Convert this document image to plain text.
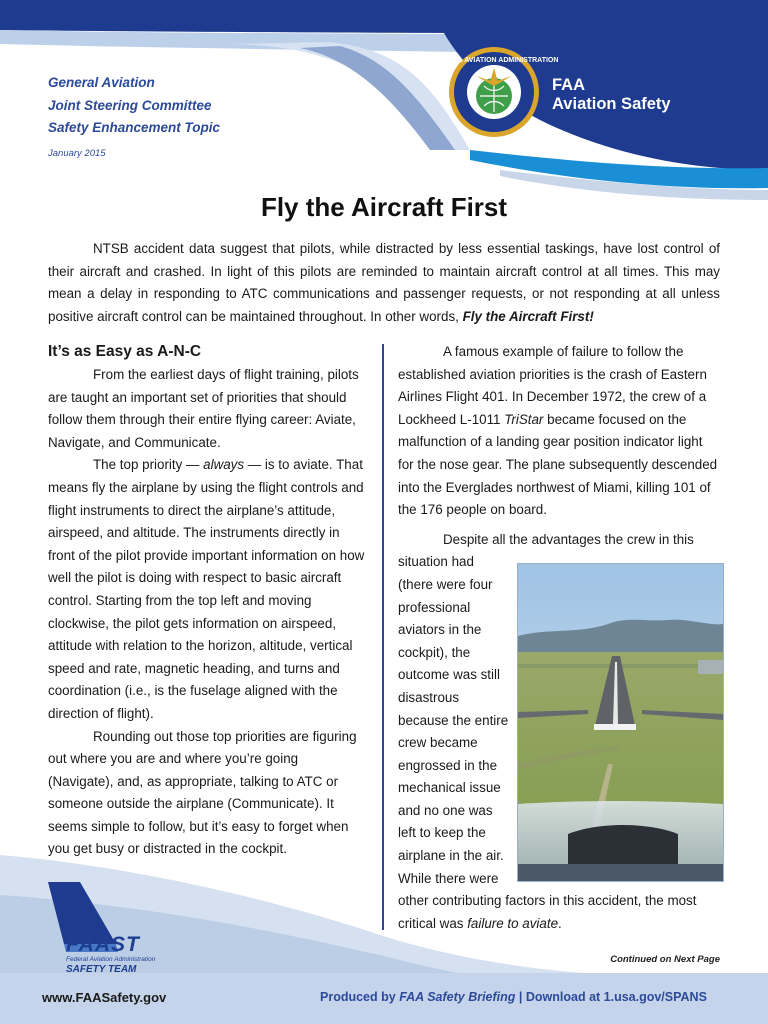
FEDERAL AVIATION ADMINISTRATION
FAA
Aviation Safety
General Aviation
Joint Steering Committee
Safety Enhancement Topic
January 2015
Fly the Aircraft First

NTSB accident data suggest that pilots, while distracted by less essential taskings, have lost control of their aircraft and crashed. In light of this pilots are reminded to maintain aircraft control at all times. This may mean a delay in responding to ATC communications and passenger requests, or not responding at all unless positive aircraft control can be maintained throughout. In other words, Fly the Aircraft First!

FAAST
Federal Aviation Administration
SAFETY TEAM
It’s as Easy as A-N-C

From the earliest days of flight training, pilots are taught an important set of priorities that should follow them through their entire flying career: Aviate, Navigate, and Communicate.

The top priority — always — is to aviate. That means fly the airplane by using the flight controls and flight instruments to direct the airplane’s attitude, airspeed, and altitude. The instruments directly in front of the pilot provide important information on how well the pilot is doing with respect to basic aircraft control. Starting from the top left and moving clockwise, the pilot gets information on airspeed, attitude with relation to the horizon, altitude, vertical speed and rate, magnetic heading, and turns and coordination (i.e., is the fuselage aligned with the direction of flight).

Rounding out those top priorities are figuring out where you are and where you’re going (Navigate), and, as appropriate, talking to ATC or someone outside the airplane (Communicate). It seems simple to follow, but it’s easy to forget when you get busy or distracted in the cockpit.

A famous example of failure to follow the established aviation priorities is the crash of Eastern Airlines Flight 401. In December 1972, the crew of a Lockheed L-1011 TriStar became focused on the malfunction of a landing gear position indicator light for the nose gear. The plane subsequently descended into the Everglades northwest of Miami, killing 101 of the 176 people on board.

Despite all the advantages the crew in this

situation had
(there were four
professional
aviators in the
cockpit), the
outcome was still
disastrous
because the entire
crew became
engrossed in the
mechanical issue
and no one was
left to keep the
airplane in the air.
While there were
other contributing factors in this accident, the most critical was failure to aviate.
Continued on Next Page
www.FAASafety.gov	Produced by FAA Safety Briefing | Download at 1.usa.gov/SPANS
